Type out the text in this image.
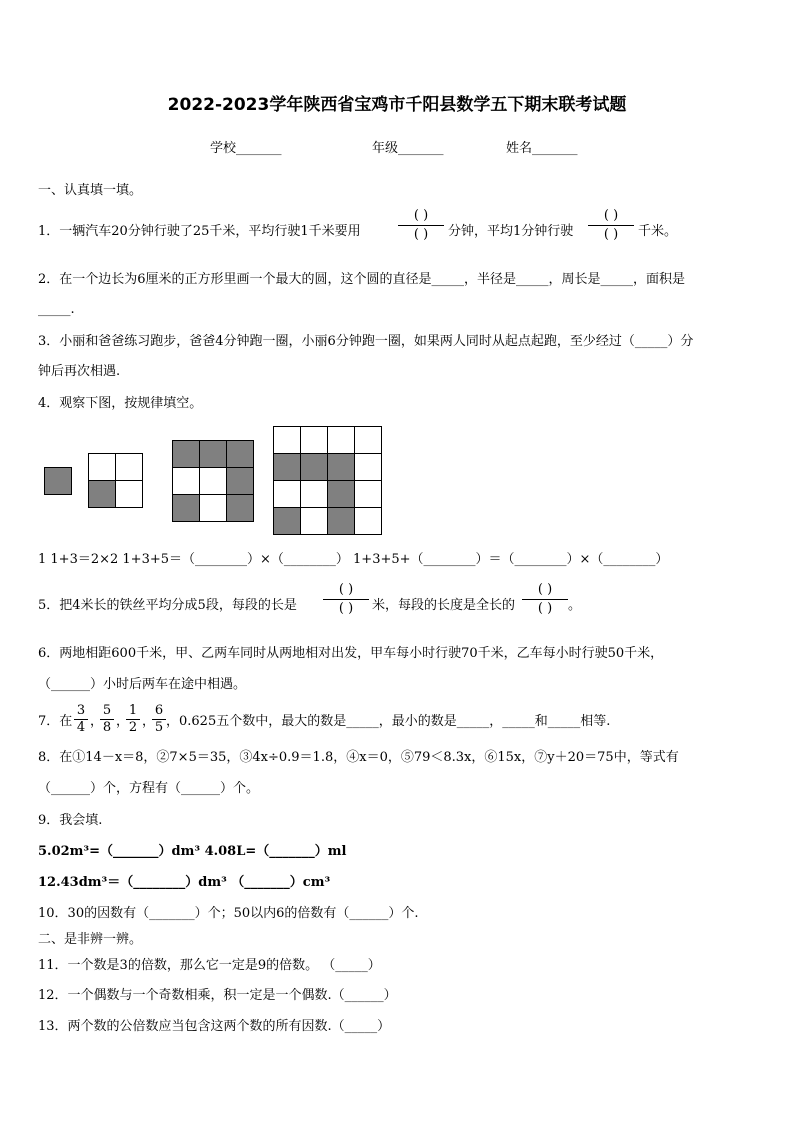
2022-2023学年陕西省宝鸡市千阳县数学五下期末联考试题
学校_______	年级_______	姓名_______
一、认真填一填。
1．一辆汽车20分钟行驶了25千米，平均行驶1千米要用
( )
( )	分钟，平均1分钟行驶
( )
( )	千米。
2．在一个边长为6厘米的正方形里画一个最大的圆，这个圆的直径是_____，半径是_____，周长是_____，面积是
_____.
3．小丽和爸爸练习跑步，爸爸4分钟跑一圈，小丽6分钟跑一圈，如果两人同时从起点起跑，至少经过（_____）分
钟后再次相遇.
4．观察下图，按规律填空。
1 1+3＝2×2 1+3+5＝（________）×（________） 1+3+5+（________）＝（________）×（________）
5．把4米长的铁丝平均分成5段，每段的长是
( )
( )	米，每段的长度是全长的
( )
( )	。
6．两地相距600千米，甲、乙两车同时从两地相对出发，甲车每小时行驶70千米，乙车每小时行驶50千米，
（______）小时后两车在途中相遇。
7．在
3
4 ，
5
8 ，
1
2 ，
6
5 ，0.625五个数中，最大的数是_____，最小的数是_____，_____和_____相等.
8．在①14－x＝8，②7×5＝35，③4x÷0.9＝1.8，④x＝0，⑤79＜8.3x，⑥15x，⑦y＋20＝75中，等式有
（______）个，方程有（______）个。
9．我会填.
5.02m³=（_______）dm³ 4.08L=（_______）ml
12.43dm³＝（________）dm³ （_______）cm³
10．30的因数有（_______）个；50以内6的倍数有（______）个.
二、是非辨一辨。
11．一个数是3的倍数，那么它一定是9的倍数。 （_____）
12．一个偶数与一个奇数相乘，积一定是一个偶数.（______）
13．两个数的公倍数应当包含这两个数的所有因数.（_____）
